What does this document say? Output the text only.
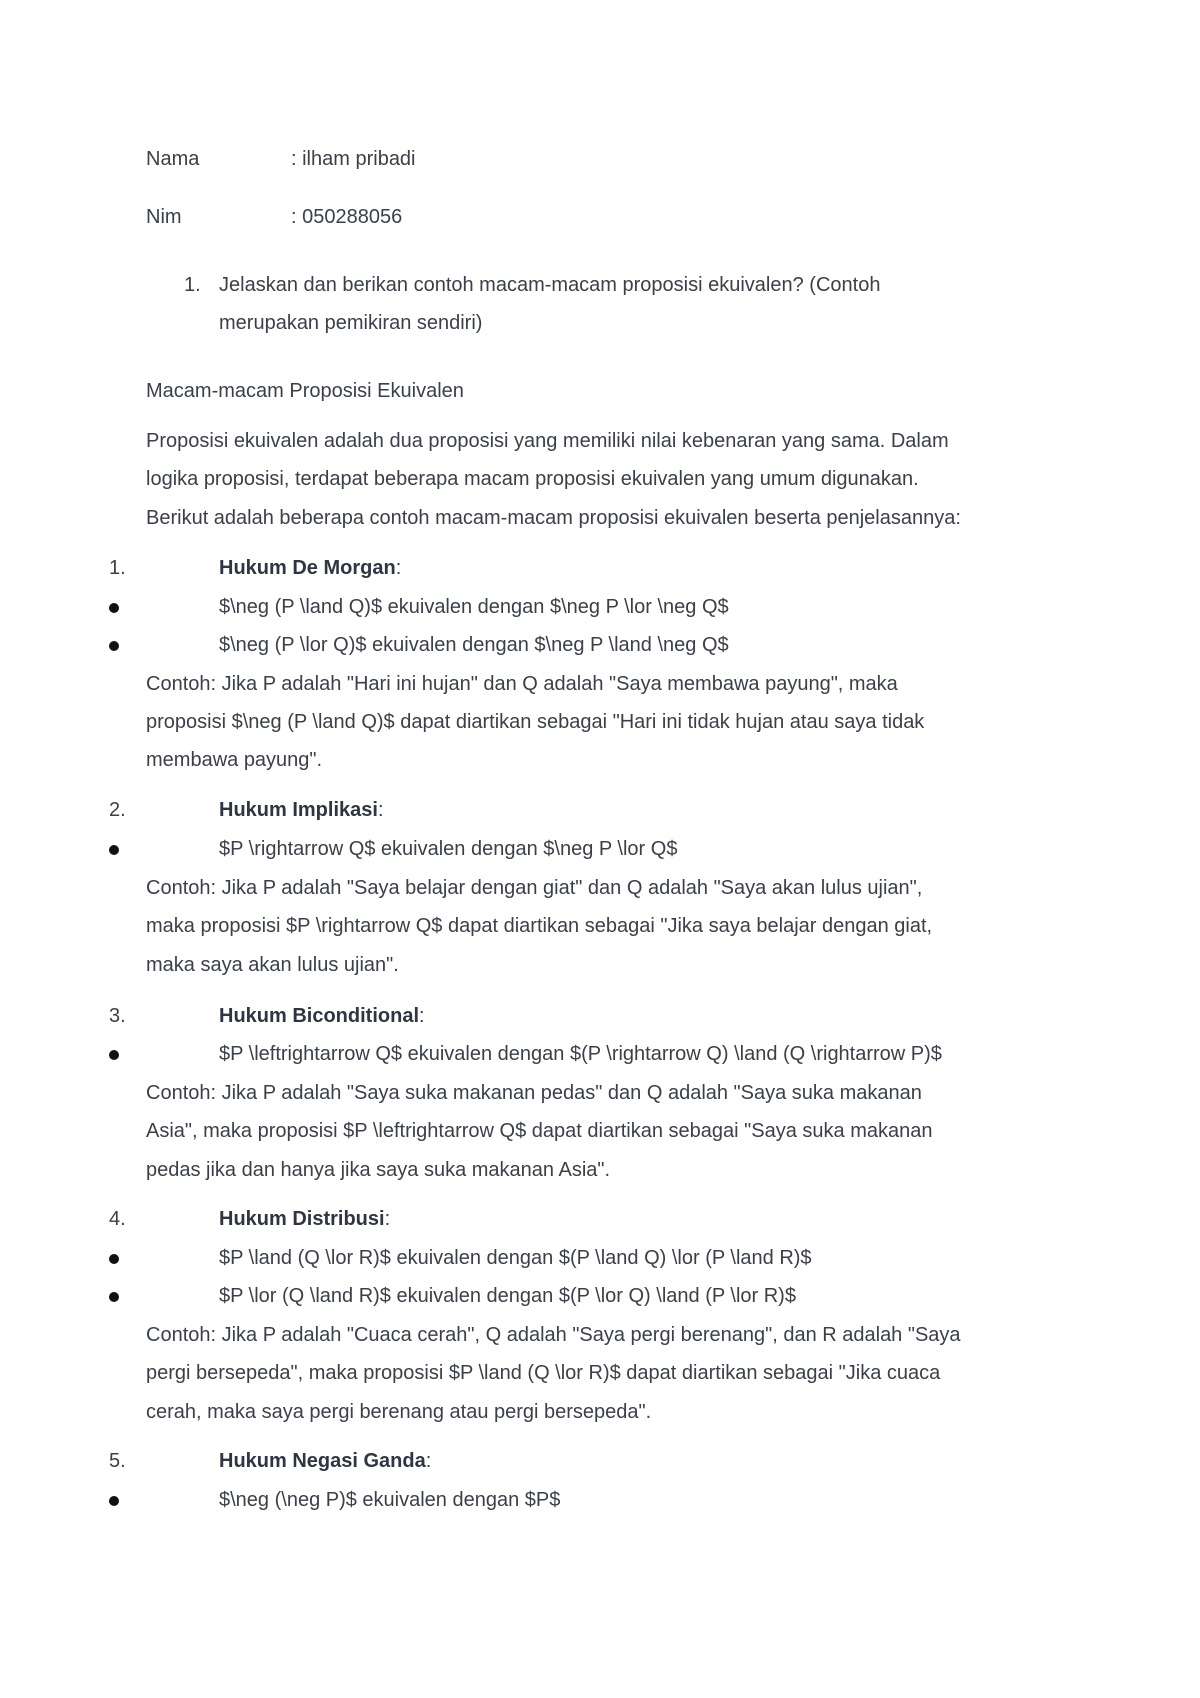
Nama	: ilham pribadi
Nim	: 050288056
1. Jelaskan dan berikan contoh macam-macam proposisi ekuivalen? (Contoh
merupakan pemikiran sendiri)
Macam-macam Proposisi Ekuivalen
Proposisi ekuivalen adalah dua proposisi yang memiliki nilai kebenaran yang sama. Dalam
logika proposisi, terdapat beberapa macam proposisi ekuivalen yang umum digunakan.
Berikut adalah beberapa contoh macam-macam proposisi ekuivalen beserta penjelasannya:
1.	Hukum De Morgan:
$\neg (P \land Q)$ ekuivalen dengan $\neg P \lor \neg Q$
$\neg (P \lor Q)$ ekuivalen dengan $\neg P \land \neg Q$
Contoh: Jika P adalah "Hari ini hujan" dan Q adalah "Saya membawa payung", maka
proposisi $\neg (P \land Q)$ dapat diartikan sebagai "Hari ini tidak hujan atau saya tidak
membawa payung".
2.	Hukum Implikasi:
$P \rightarrow Q$ ekuivalen dengan $\neg P \lor Q$
Contoh: Jika P adalah "Saya belajar dengan giat" dan Q adalah "Saya akan lulus ujian",
maka proposisi $P \rightarrow Q$ dapat diartikan sebagai "Jika saya belajar dengan giat,
maka saya akan lulus ujian".
3.	Hukum Biconditional:
$P \leftrightarrow Q$ ekuivalen dengan $(P \rightarrow Q) \land (Q \rightarrow P)$
Contoh: Jika P adalah "Saya suka makanan pedas" dan Q adalah "Saya suka makanan
Asia", maka proposisi $P \leftrightarrow Q$ dapat diartikan sebagai "Saya suka makanan
pedas jika dan hanya jika saya suka makanan Asia".
4.	Hukum Distribusi:
$P \land (Q \lor R)$ ekuivalen dengan $(P \land Q) \lor (P \land R)$
$P \lor (Q \land R)$ ekuivalen dengan $(P \lor Q) \land (P \lor R)$
Contoh: Jika P adalah "Cuaca cerah", Q adalah "Saya pergi berenang", dan R adalah "Saya
pergi bersepeda", maka proposisi $P \land (Q \lor R)$ dapat diartikan sebagai "Jika cuaca
cerah, maka saya pergi berenang atau pergi bersepeda".
5.	Hukum Negasi Ganda:
$\neg (\neg P)$ ekuivalen dengan $P$
